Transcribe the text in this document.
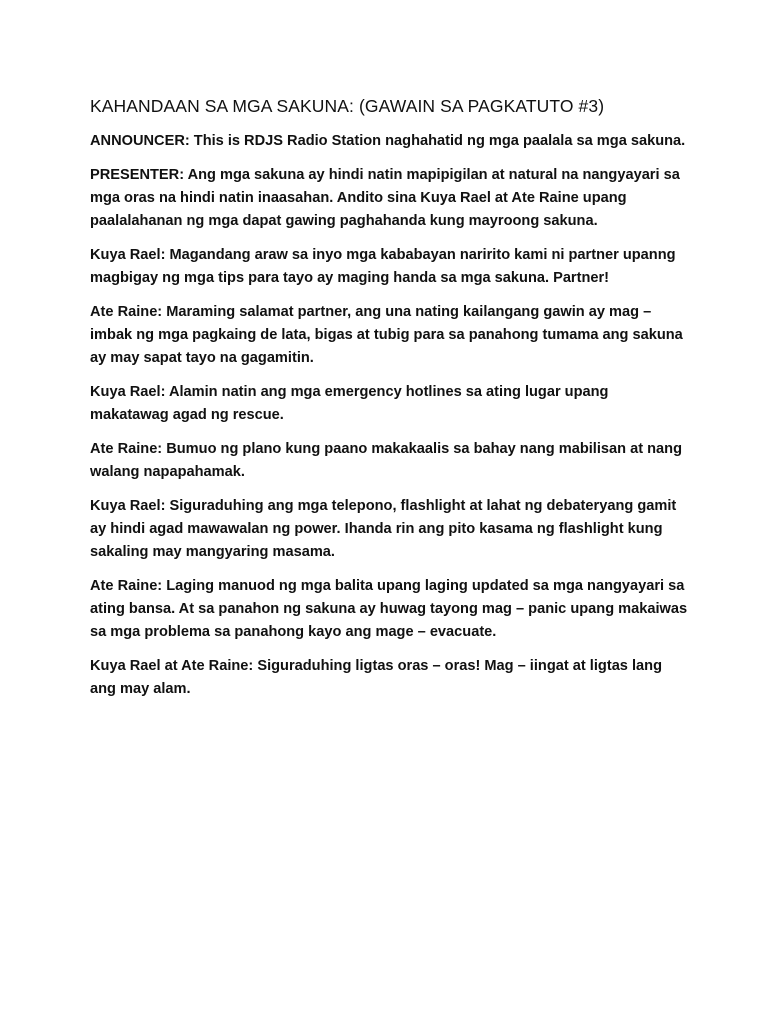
KAHANDAAN SA MGA SAKUNA: (GAWAIN SA PAGKATUTO #3)

ANNOUNCER: This is RDJS Radio Station naghahatid ng mga paalala sa mga sakuna.

PRESENTER: Ang mga sakuna ay hindi natin mapipigilan at natural na nangyayari sa mga oras na hindi natin inaasahan. Andito sina Kuya Rael at Ate Raine upang paalalahanan ng mga dapat gawing paghahanda kung mayroong sakuna.

Kuya Rael: Magandang araw sa inyo mga kababayan naririto kami ni partner upanng magbigay ng mga tips para tayo ay maging handa sa mga sakuna. Partner!

Ate Raine: Maraming salamat partner, ang una nating kailangang gawin ay mag – imbak ng mga pagkaing de lata, bigas at tubig para sa panahong tumama ang sakuna ay may sapat tayo na gagamitin.

Kuya Rael: Alamin natin ang mga emergency hotlines sa ating lugar upang makatawag agad ng rescue.

Ate Raine: Bumuo ng plano kung paano makakaalis sa bahay nang mabilisan at nang walang napapahamak.

Kuya Rael: Siguraduhing ang mga telepono, flashlight at lahat ng debateryang gamit ay hindi agad mawawalan ng power. Ihanda rin ang pito kasama ng flashlight kung sakaling may mangyaring masama.

Ate Raine: Laging manuod ng mga balita upang laging updated sa mga nangyayari sa ating bansa. At sa panahon ng sakuna ay huwag tayong mag – panic upang makaiwas sa mga problema sa panahong kayo ang mage – evacuate.

Kuya Rael at Ate Raine: Siguraduhing ligtas oras – oras! Mag – iingat at ligtas lang ang may alam.
